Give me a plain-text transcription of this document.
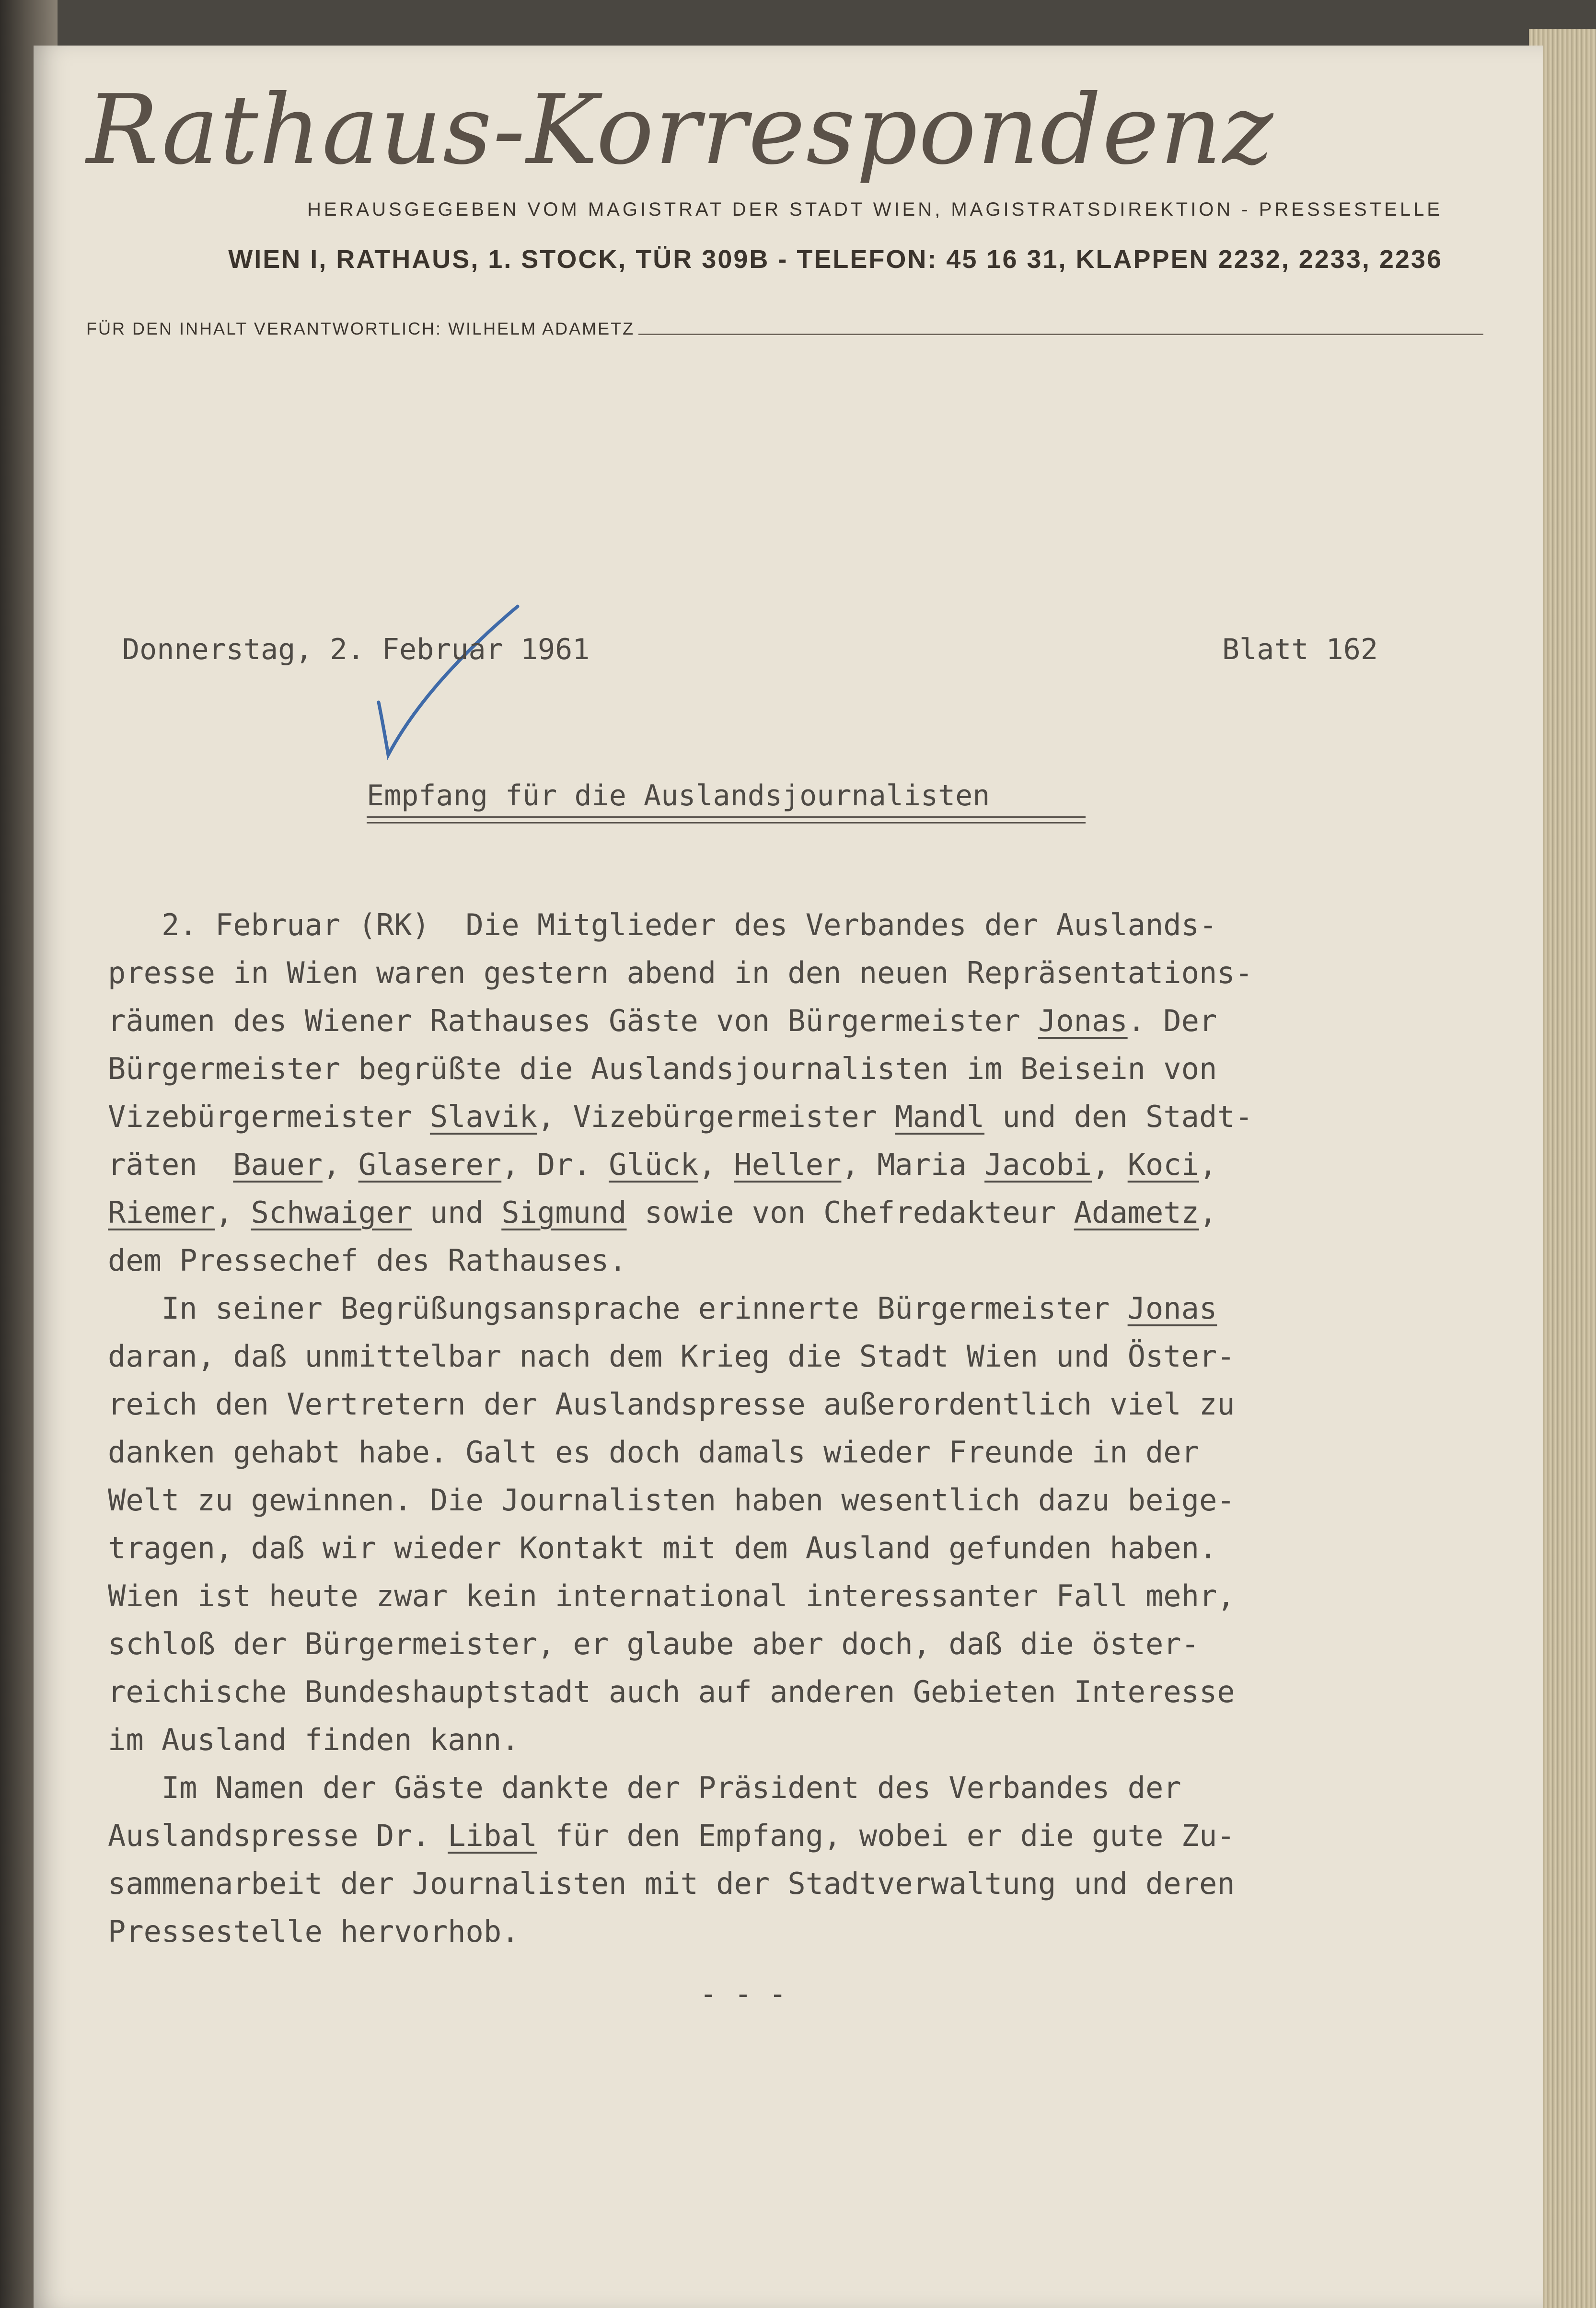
Rathaus-Korrespondenz
HERAUSGEGEBEN VOM MAGISTRAT DER STADT WIEN, MAGISTRATSDIREKTION - PRESSESTELLE
WIEN I, RATHAUS, 1. STOCK, TÜR 309B - TELEFON: 45 16 31, KLAPPEN 2232, 2233, 2236
FÜR DEN INHALT VERANTWORTLICH: WILHELM ADAMETZ
Donnerstag, 2. Februar 1961	Blatt 162
Empfang für die Auslandsjournalisten
2. Februar (RK)  Die Mitglieder des Verbandes der Auslands-
presse in Wien waren gestern abend in den neuen Repräsentations-
räumen des Wiener Rathauses Gäste von Bürgermeister Jonas. Der
Bürgermeister begrüßte die Auslandsjournalisten im Beisein von
Vizebürgermeister Slavik, Vizebürgermeister Mandl und den Stadt-
räten  Bauer, Glaserer, Dr. Glück, Heller, Maria Jacobi, Koci,
Riemer, Schwaiger und Sigmund sowie von Chefredakteur Adametz,
dem Pressechef des Rathauses.
In seiner Begrüßungsansprache erinnerte Bürgermeister Jonas
daran, daß unmittelbar nach dem Krieg die Stadt Wien und Öster-
reich den Vertretern der Auslandspresse außerordentlich viel zu
danken gehabt habe. Galt es doch damals wieder Freunde in der
Welt zu gewinnen. Die Journalisten haben wesentlich dazu beige-
tragen, daß wir wieder Kontakt mit dem Ausland gefunden haben.
Wien ist heute zwar kein international interessanter Fall mehr,
schloß der Bürgermeister, er glaube aber doch, daß die öster-
reichische Bundeshauptstadt auch auf anderen Gebieten Interesse
im Ausland finden kann.
Im Namen der Gäste dankte der Präsident des Verbandes der
Auslandspresse Dr. Libal für den Empfang, wobei er die gute Zu-
sammenarbeit der Journalisten mit der Stadtverwaltung und deren
Pressestelle hervorhob.
- - -
